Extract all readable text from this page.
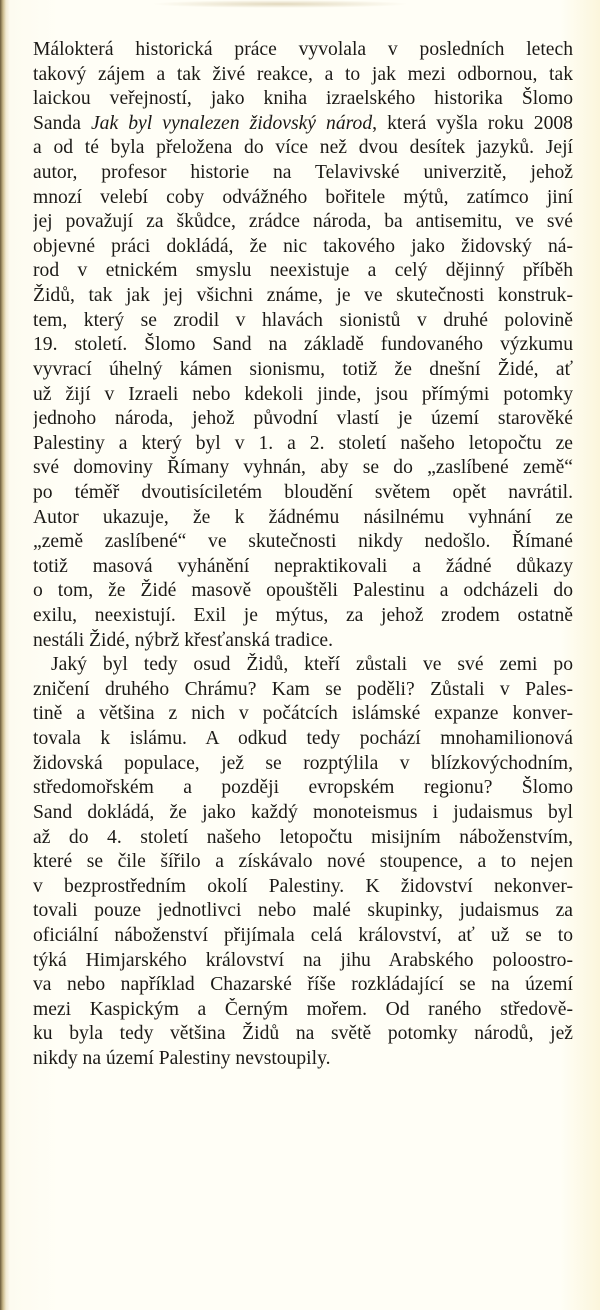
Málokterá historická práce vyvolala v posledních letech
takový zájem a tak živé reakce, a to jak mezi odbornou, tak
laickou veřejností, jako kniha izraelského historika Šlomo
Sanda Jak byl vynalezen židovský národ, která vyšla roku 2008
a od té byla přeložena do více než dvou desítek jazyků. Její
autor, profesor historie na Telavivské univerzitě, jehož
mnozí velebí coby odvážného bořitele mýtů, zatímco jiní
jej považují za škůdce, zrádce národa, ba antisemitu, ve své
objevné práci dokládá, že nic takového jako židovský ná-
rod v etnickém smyslu neexistuje a celý dějinný příběh
Židů, tak jak jej všichni známe, je ve skutečnosti konstruk-
tem, který se zrodil v hlavách sionistů v druhé polovině
19. století. Šlomo Sand na základě fundovaného výzkumu
vyvrací úhelný kámen sionismu, totiž že dnešní Židé, ať
už žijí v Izraeli nebo kdekoli jinde, jsou přímými potomky
jednoho národa, jehož původní vlastí je území starověké
Palestiny a který byl v 1. a 2. století našeho letopočtu ze
své domoviny Římany vyhnán, aby se do „zaslíbené země“
po téměř dvoutisíciletém bloudění světem opět navrátil.
Autor ukazuje, že k žádnému násilnému vyhnání ze
„země zaslíbené“ ve skutečnosti nikdy nedošlo. Římané
totiž masová vyhánění nepraktikovali a žádné důkazy
o tom, že Židé masově opouštěli Palestinu a odcházeli do
exilu, neexistují. Exil je mýtus, za jehož zrodem ostatně
nestáli Židé, nýbrž křesťanská tradice.
Jaký byl tedy osud Židů, kteří zůstali ve své zemi po
zničení druhého Chrámu? Kam se poděli? Zůstali v Pales-
tině a většina z nich v počátcích islámské expanze konver-
tovala k islámu. A odkud tedy pochází mnohamilionová
židovská populace, jež se rozptýlila v blízkovýchodním,
středomořském a později evropském regionu? Šlomo
Sand dokládá, že jako každý monoteismus i judaismus byl
až do 4. století našeho letopočtu misijním náboženstvím,
které se čile šířilo a získávalo nové stoupence, a to nejen
v bezprostředním okolí Palestiny. K židovství nekonver-
tovali pouze jednotlivci nebo malé skupinky, judaismus za
oficiální náboženství přijímala celá království, ať už se to
týká Himjarského království na jihu Arabského poloostro-
va nebo například Chazarské říše rozkládající se na území
mezi Kaspickým a Černým mořem. Od raného středově-
ku byla tedy většina Židů na světě potomky národů, jež
nikdy na území Palestiny nevstoupily.
